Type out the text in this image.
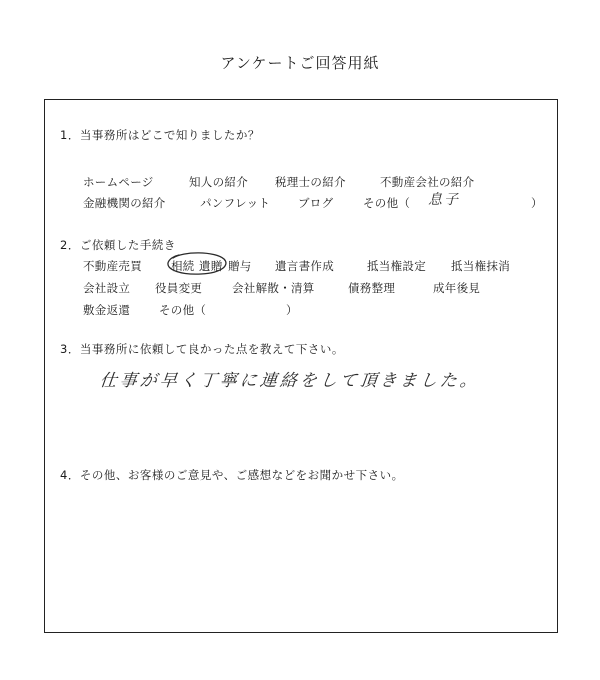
アンケートご回答用紙
1．当事務所はどこで知りましたか？
ホームページ	知人の紹介 税理士の紹介	不動産会社の紹介
金融機関の紹介	パンフレット ブログ	その他（ 息子	）
2．ご依頼した手続き
不動産売買	相続 遺贈 贈与 遺言書作成	抵当権設定 抵当権抹消
会社設立 役員変更	会社解散・清算	債務整理	成年後見
敷金返還	その他（	）
3．当事務所に依頼して良かった点を教えて下さい。
仕事が早く丁寧に連絡をして頂きました。
4．その他、お客様のご意見や、ご感想などをお聞かせ下さい。
